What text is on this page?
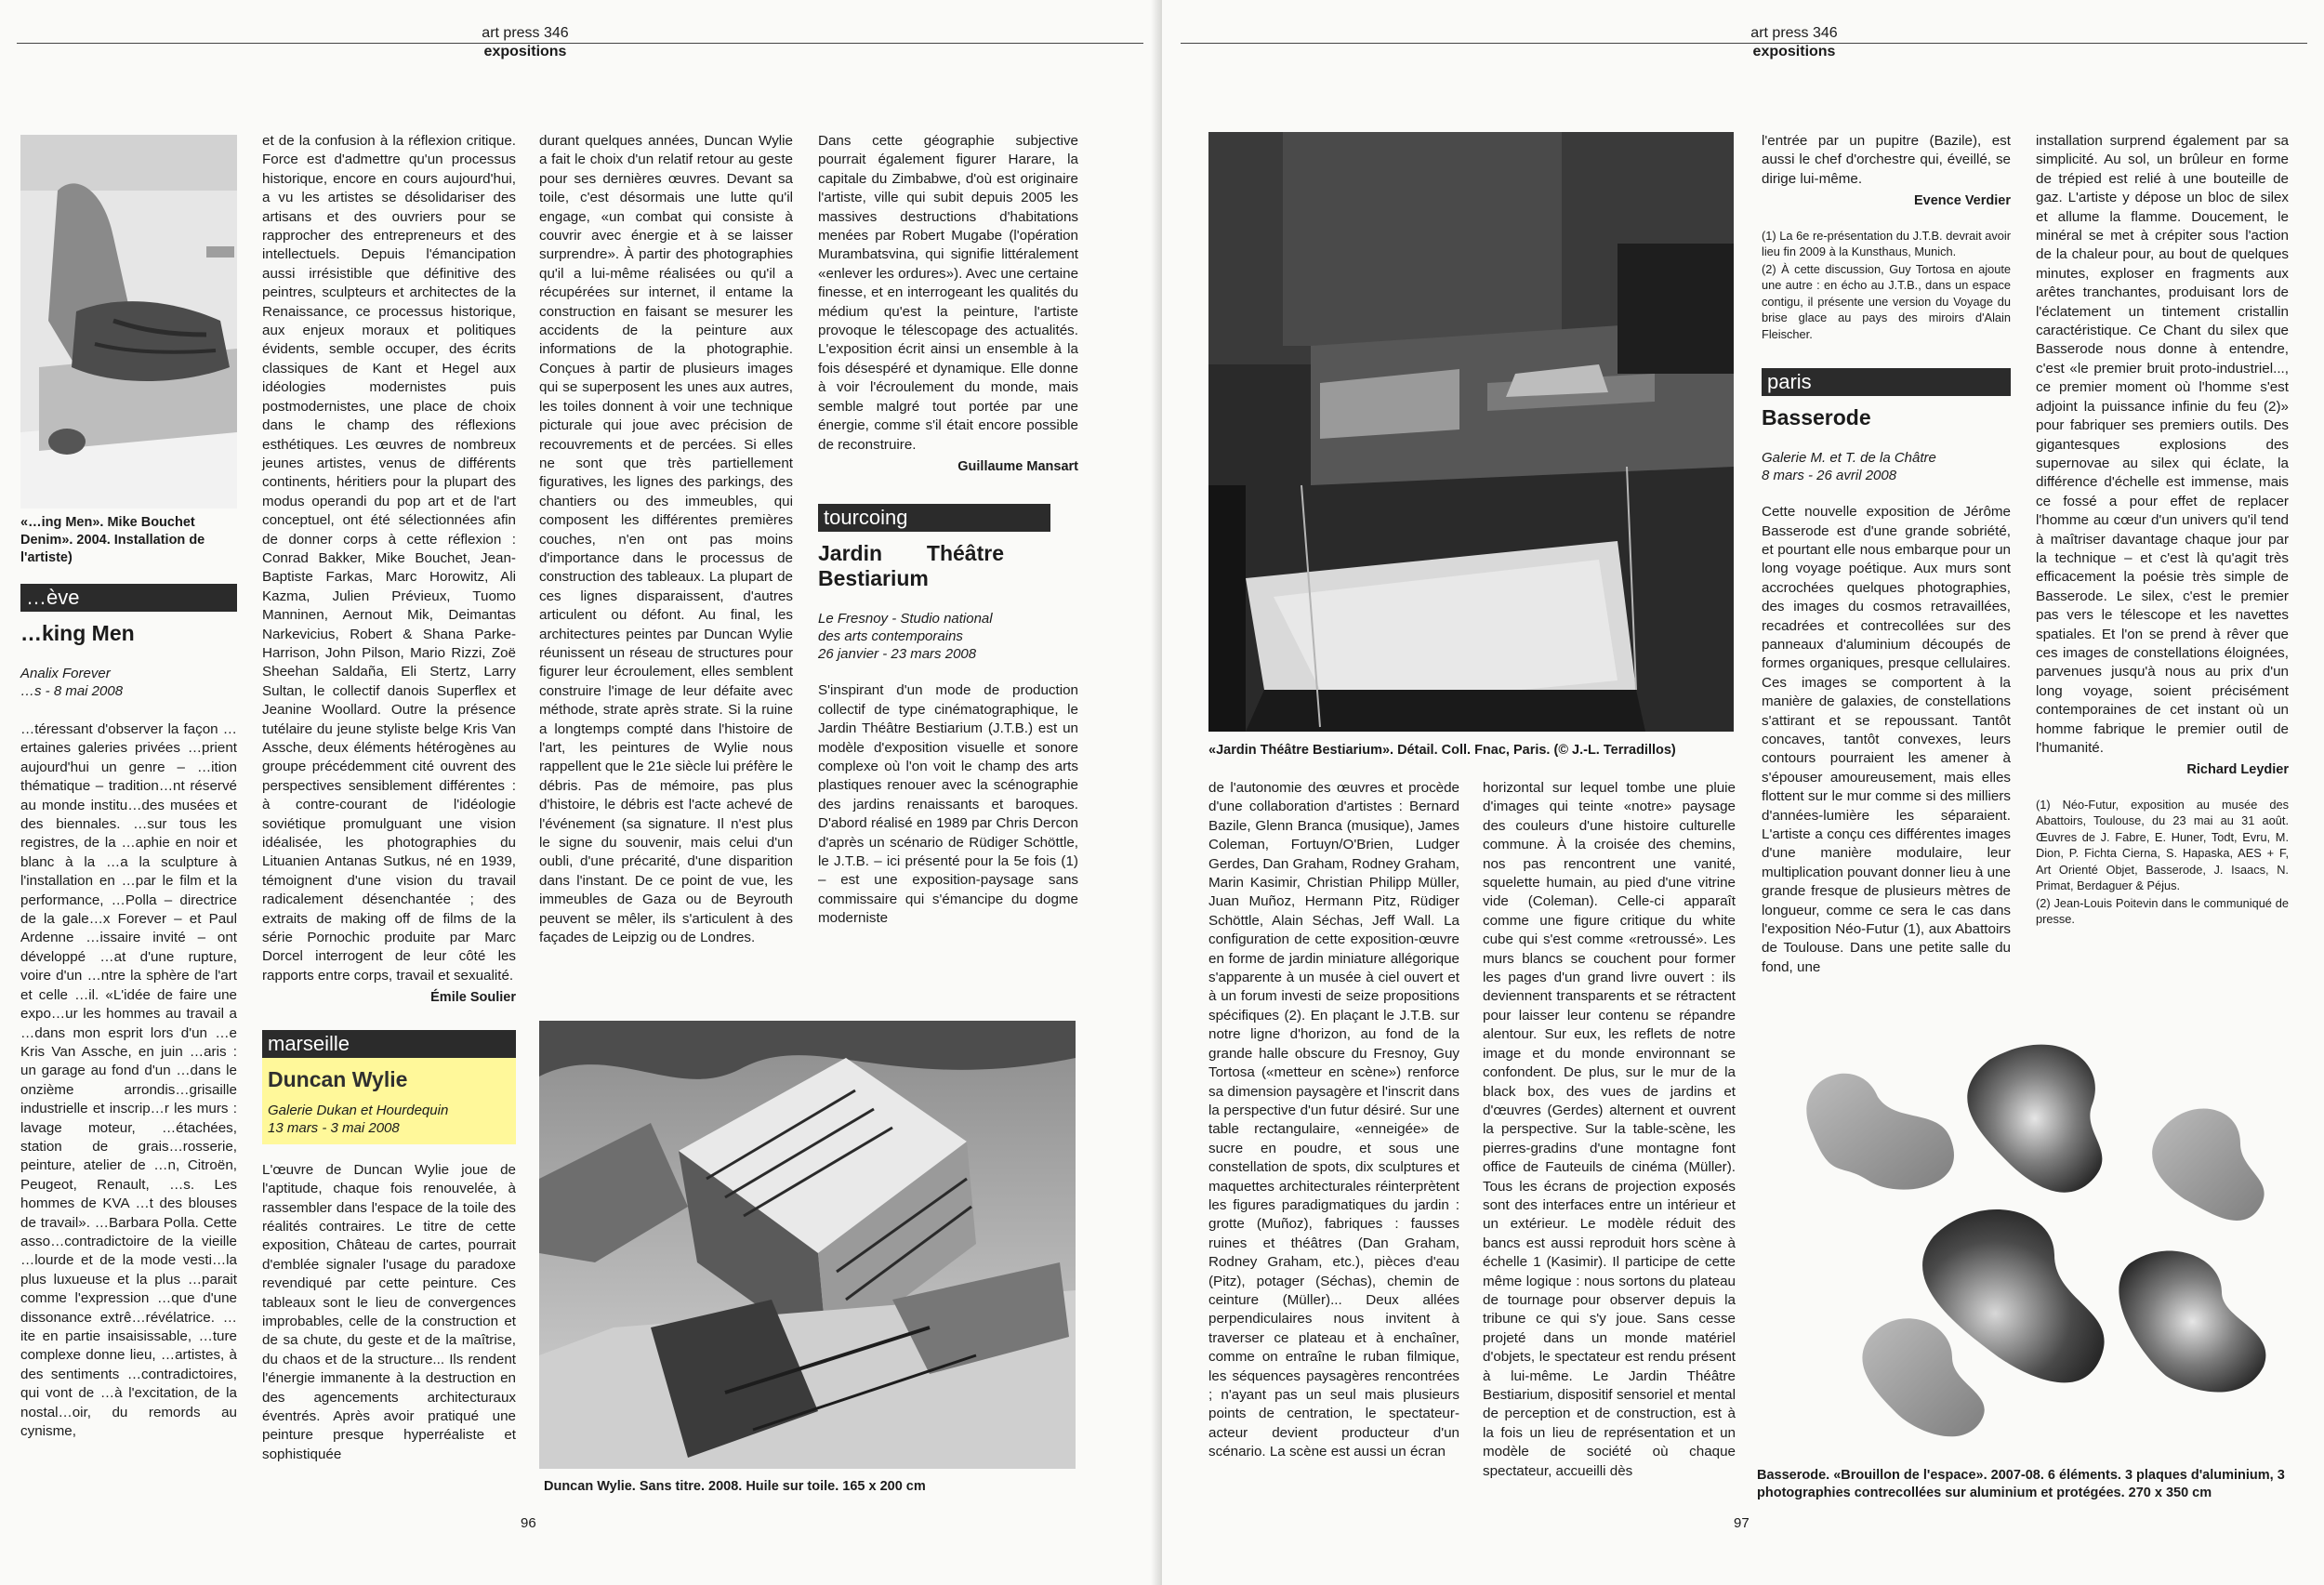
art press 346
expositions
«…ing Men». Mike Bouchet Denim». 2004. Installation de l'artiste)
…ève
…king Men
Analix Forever
…s - 8 mai 2008

…téressant d'observer la façon …ertaines galeries privées …prient aujourd'hui un genre – …ition thématique – tradition…nt réservé au monde institu…des musées et des biennales. …sur tous les registres, de la …aphie en noir et blanc à la …a la sculpture à l'installation en …par le film et la performance, …Polla – directrice de la gale…x Forever – et Paul Ardenne …issaire invité – ont développé …at d'une rupture, voire d'un …ntre la sphère de l'art et celle …il. «L'idée de faire une expo…ur les hommes au travail a …dans mon esprit lors d'un …e Kris Van Assche, en juin …aris : un garage au fond d'un …dans le onzième arrondis…grisaille industrielle et inscrip…r les murs : lavage moteur, …étachées, station de grais…rosserie, peinture, atelier de …n, Citroën, Peugeot, Renault, …s. Les hommes de KVA …t des blouses de travail». …Barbara Polla. Cette asso…contradictoire de la vieille …lourde et de la mode vesti…la plus luxueuse et la plus …parait comme l'expression …que d'une dissonance extrê…révélatrice. …ite en partie insaisissable, …ture complexe donne lieu, …artistes, à des sentiments …contradictoires, qui vont de …à l'excitation, de la nostal…oir, du remords au cynisme,

et de la confusion à la réflexion critique. Force est d'admettre qu'un processus historique, encore en cours aujourd'hui, a vu les artistes se désolidariser des artisans et des ouvriers pour se rapprocher des entrepreneurs et des intellectuels. Depuis l'émancipation aussi irrésistible que définitive des peintres, sculpteurs et architectes de la Renaissance, ce processus historique, aux enjeux moraux et politiques évidents, semble occuper, des écrits classiques de Kant et Hegel aux idéologies modernistes puis postmodernistes, une place de choix dans le champ des réflexions esthétiques. Les œuvres de nombreux jeunes artistes, venus de différents continents, héritiers pour la plupart des modus operandi du pop art et de l'art conceptuel, ont été sélectionnées afin de donner corps à cette réflexion : Conrad Bakker, Mike Bouchet, Jean-Baptiste Farkas, Marc Horowitz, Ali Kazma, Julien Prévieux, Tuomo Manninen, Aernout Mik, Deimantas Narkevicius, Robert & Shana Parke-Harrison, John Pilson, Mario Rizzi, Zoë Sheehan Saldaña, Eli Stertz, Larry Sultan, le collectif danois Superflex et Jeanine Woollard. Outre la présence tutélaire du jeune styliste belge Kris Van Assche, deux éléments hétérogènes au groupe précédemment cité ouvrent des perspectives sensiblement différentes : à contre-courant de l'idéologie soviétique promulguant une vision idéalisée, les photographies du Lituanien Antanas Sutkus, né en 1939, témoignent d'une vision du travail radicalement désenchantée ; des extraits de making off de films de la série Pornochic produite par Marc Dorcel interrogent de leur côté les rapports entre corps, travail et sexualité.

Émile Soulier
marseille
Duncan Wylie
Galerie Dukan et Hourdequin
13 mars - 3 mai 2008

L'œuvre de Duncan Wylie joue de l'aptitude, chaque fois renouvelée, à rassembler dans l'espace de la toile des réalités contraires. Le titre de cette exposition, Château de cartes, pourrait d'emblée signaler l'usage du paradoxe revendiqué par cette peinture. Ces tableaux sont le lieu de convergences improbables, celle de la construction et de sa chute, du geste et de la maîtrise, du chaos et de la structure... Ils rendent l'énergie immanente à la destruction en des agencements architecturaux éventrés. Après avoir pratiqué une peinture presque hyperréaliste et sophistiquée

durant quelques années, Duncan Wylie a fait le choix d'un relatif retour au geste pour ses dernières œuvres. Devant sa toile, c'est désormais une lutte qu'il engage, «un combat qui consiste à couvrir avec énergie et à se laisser surprendre». À partir des photographies qu'il a lui-même réalisées ou qu'il a récupérées sur internet, il entame la construction en faisant se mesurer les accidents de la peinture aux informations de la photographie. Conçues à partir de plusieurs images qui se superposent les unes aux autres, les toiles donnent à voir une technique picturale qui joue avec précision de recouvrements et de percées. Si elles ne sont que très partiellement figuratives, les lignes des parkings, des chantiers ou des immeubles, qui composent les différentes premières couches, n'en ont pas moins d'importance dans le processus de construction des tableaux. La plupart de ces lignes disparaissent, d'autres articulent ou défont. Au final, les architectures peintes par Duncan Wylie réunissent un réseau de structures pour figurer leur écroulement, elles semblent construire l'image de leur défaite avec méthode, strate après strate. Si la ruine a longtemps compté dans l'histoire de l'art, les peintures de Wylie nous rappellent que le 21e siècle lui préfère le débris. Pas de mémoire, pas plus d'histoire, le débris est l'acte achevé de l'événement (sa signature. Il n'est plus le signe du souvenir, mais celui d'un oubli, d'une précarité, d'une disparition dans l'instant. De ce point de vue, les immeubles de Gaza ou de Beyrouth peuvent se mêler, ils s'articulent à des façades de Leipzig ou de Londres.

Dans cette géographie subjective pourrait également figurer Harare, la capitale du Zimbabwe, d'où est originaire l'artiste, ville qui subit depuis 2005 les massives destructions d'habitations menées par Robert Mugabe (l'opération Murambatsvina, qui signifie littéralement «enlever les ordures»). Avec une certaine finesse, et en interrogeant les qualités du médium qu'est la peinture, l'artiste provoque le télescopage des actualités. L'exposition écrit ainsi un ensemble à la fois désespéré et dynamique. Elle donne à voir l'écroulement du monde, mais semble malgré tout portée par une énergie, comme s'il était encore possible de reconstruire.

Guillaume Mansart
tourcoing
Jardin Théâtre Bestiarium
Le Fresnoy - Studio national
des arts contemporains
26 janvier - 23 mars 2008

S'inspirant d'un mode de production collectif de type cinématographique, le Jardin Théâtre Bestiarium (J.T.B.) est un modèle d'exposition visuelle et sonore complexe où l'on voit le champ des arts plastiques renouer avec la scénographie des jardins renaissants et baroques. D'abord réalisé en 1989 par Chris Dercon d'après un scénario de Rüdiger Schöttle, le J.T.B. – ici présenté pour la 5e fois (1) – est une exposition-paysage sans commissaire qui s'émancipe du dogme moderniste

Duncan Wylie. Sans titre. 2008. Huile sur toile. 165 x 200 cm
96
art press 346
expositions
«Jardin Théâtre Bestiarium». Détail. Coll. Fnac, Paris. (© J.-L. Terradillos)

de l'autonomie des œuvres et procède d'une collaboration d'artistes : Bernard Bazile, Glenn Branca (musique), James Coleman, Fortuyn/O'Brien, Ludger Gerdes, Dan Graham, Rodney Graham, Marin Kasimir, Christian Philipp Müller, Juan Muñoz, Hermann Pitz, Rüdiger Schöttle, Alain Séchas, Jeff Wall. La configuration de cette exposition-œuvre en forme de jardin miniature allégorique s'apparente à un musée à ciel ouvert et à un forum investi de seize propositions spécifiques (2). En plaçant le J.T.B. sur notre ligne d'horizon, au fond de la grande halle obscure du Fresnoy, Guy Tortosa («metteur en scène») renforce sa dimension paysagère et l'inscrit dans la perspective d'un futur désiré. Sur une table rectangulaire, «enneigée» de sucre en poudre, et sous une constellation de spots, dix sculptures et maquettes architecturales réinterprètent les figures paradigmatiques du jardin : grotte (Muñoz), fabriques : fausses ruines et théâtres (Dan Graham, Rodney Graham, etc.), pièces d'eau (Pitz), potager (Séchas), chemin de ceinture (Müller)... Deux allées perpendiculaires nous invitent à traverser ce plateau et à enchaîner, comme on entraîne le ruban filmique, les séquences paysagères rencontrées ; n'ayant pas un seul mais plusieurs points de centration, le spectateur-acteur devient producteur d'un scénario. La scène est aussi un écran

horizontal sur lequel tombe une pluie d'images qui teinte «notre» paysage des couleurs d'une histoire culturelle commune. À la croisée des chemins, nos pas rencontrent une vanité, squelette humain, au pied d'une vitrine vide (Coleman). Celle-ci apparaît comme une figure critique du white cube qui s'est comme «retroussé». Les murs blancs se couchent pour former les pages d'un grand livre ouvert : ils deviennent transparents et se rétractent pour laisser leur contenu se répandre alentour. Sur eux, les reflets de notre image et du monde environnant se confondent. De plus, sur le mur de la black box, des vues de jardins et d'œuvres (Gerdes) alternent et ouvrent la perspective. Sur la table-scène, les pierres-gradins d'une montagne font office de Fauteuils de cinéma (Müller). Tous les écrans de projection exposés sont des interfaces entre un intérieur et un extérieur. Le modèle réduit des bancs est aussi reproduit hors scène à échelle 1 (Kasimir). Il participe de cette même logique : nous sortons du plateau de tournage pour observer depuis la tribune ce qui s'y joue. Sans cesse projeté dans un monde matériel d'objets, le spectateur est rendu présent à lui-même. Le Jardin Théâtre Bestiarium, dispositif sensoriel et mental de perception et de construction, est à la fois un lieu de représentation et un modèle de société où chaque spectateur, accueilli dès

l'entrée par un pupitre (Bazile), est aussi le chef d'orchestre qui, éveillé, se dirige lui-même.

Evence Verdier

(1) La 6e re-présentation du J.T.B. devrait avoir lieu fin 2009 à la Kunsthaus, Munich.

(2) À cette discussion, Guy Tortosa en ajoute une autre : en écho au J.T.B., dans un espace contigu, il présente une version du Voyage du brise glace au pays des miroirs d'Alain Fleischer.

paris
Basserode
Galerie M. et T. de la Châtre
8 mars - 26 avril 2008

Cette nouvelle exposition de Jérôme Basserode est d'une grande sobriété, et pourtant elle nous embarque pour un long voyage poétique. Aux murs sont accrochées quelques photographies, des images du cosmos retravaillées, recadrées et contrecollées sur des panneaux d'aluminium découpés de formes organiques, presque cellulaires. Ces images se comportent à la manière de galaxies, de constellations s'attirant et se repoussant. Tantôt concaves, tantôt convexes, leurs contours pourraient les amener à s'épouser amoureusement, mais elles flottent sur le mur comme si des milliers d'années-lumière les séparaient. L'artiste a conçu ces différentes images d'une manière modulaire, leur multiplication pouvant donner lieu à une grande fresque de plusieurs mètres de longueur, comme ce sera le cas dans l'exposition Néo-Futur (1), aux Abattoirs de Toulouse. Dans une petite salle du fond, une

installation surprend également par sa simplicité. Au sol, un brûleur en forme de trépied est relié à une bouteille de gaz. L'artiste y dépose un bloc de silex et allume la flamme. Doucement, le minéral se met à crépiter sous l'action de la chaleur pour, au bout de quelques minutes, exploser en fragments aux arêtes tranchantes, produisant lors de l'éclatement un tintement cristallin caractéristique. Ce Chant du silex que Basserode nous donne à entendre, c'est «le premier bruit proto-industriel..., ce premier moment où l'homme s'est adjoint la puissance infinie du feu (2)» pour fabriquer ses premiers outils. Des gigantesques explosions des supernovae au silex qui éclate, la différence d'échelle est immense, mais ce fossé a pour effet de replacer l'homme au cœur d'un univers qu'il tend à maîtriser davantage chaque jour par la technique – et c'est là qu'agit très efficacement la poésie très simple de Basserode. Le silex, c'est le premier pas vers le télescope et les navettes spatiales. Et l'on se prend à rêver que ces images de constellations éloignées, parvenues jusqu'à nous au prix d'un long voyage, soient précisément contemporaines de cet instant où un homme fabrique le premier outil de l'humanité.

Richard Leydier

(1) Néo-Futur, exposition au musée des Abattoirs, Toulouse, du 23 mai au 31 août. Œuvres de J. Fabre, E. Huner, Todt, Evru, M. Dion, P. Fichta Cierna, S. Hapaska, AES + F, Art Orienté Objet, Basserode, J. Isaacs, N. Primat, Berdaguer & Péjus.

(2) Jean-Louis Poitevin dans le communiqué de presse.

Basserode. «Brouillon de l'espace». 2007-08. 6 éléments. 3 plaques d'aluminium, 3 photographies contrecollées sur aluminium et protégées. 270 x 350 cm
97
